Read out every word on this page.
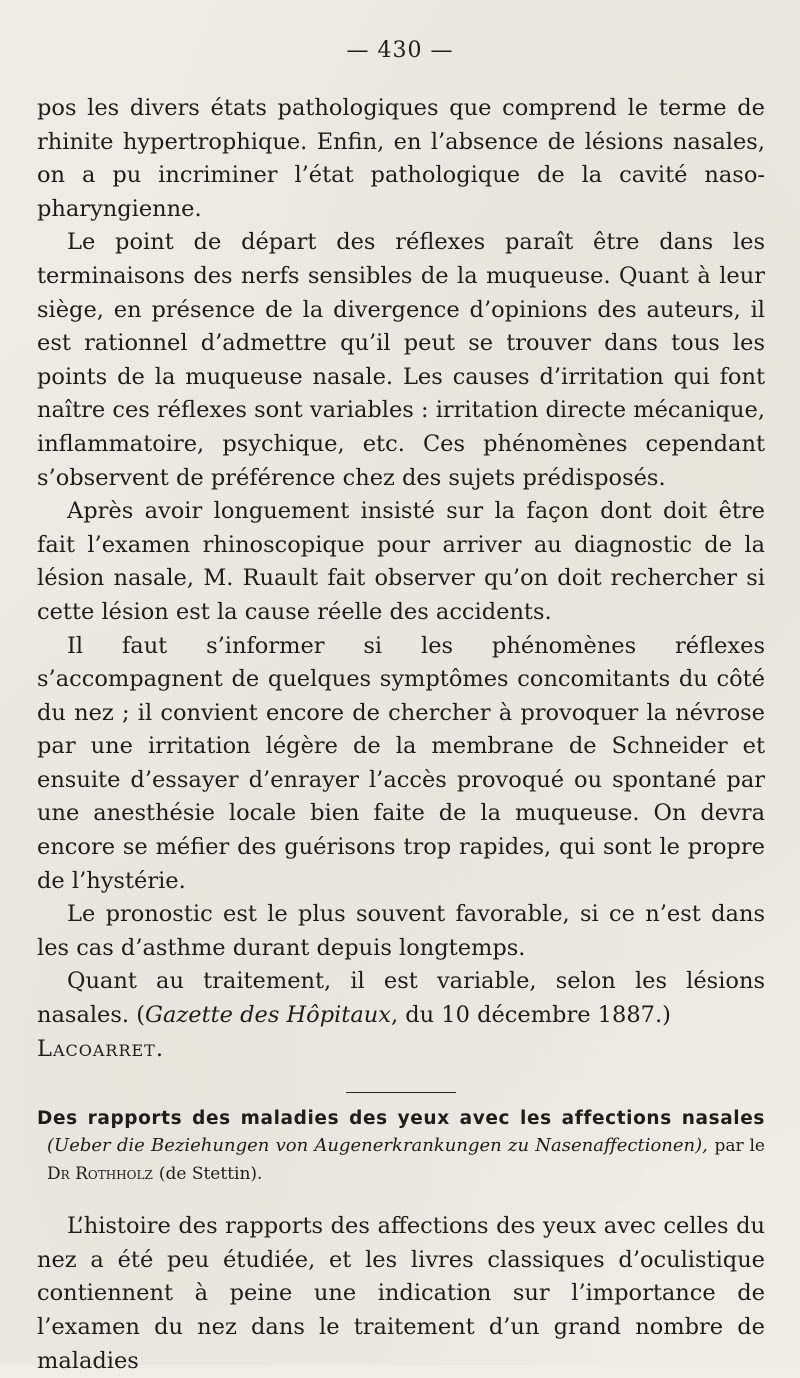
— 430 —

pos les divers états pathologiques que comprend le terme de rhinite hypertrophique. Enfin, en l’absence de lésions nasales, on a pu incriminer l’état pathologique de la cavité naso-pharyngienne.

Le point de départ des réflexes paraît être dans les terminaisons des nerfs sensibles de la muqueuse. Quant à leur siège, en présence de la divergence d’opinions des auteurs, il est rationnel d’admettre qu’il peut se trouver dans tous les points de la muqueuse nasale. Les causes d’irritation qui font naître ces réflexes sont variables : irritation directe mécanique, inflammatoire, psychique, etc. Ces phénomènes cependant s’observent de préférence chez des sujets prédisposés.

Après avoir longuement insisté sur la façon dont doit être fait l’examen rhinoscopique pour arriver au diagnostic de la lésion nasale, M. Ruault fait observer qu’on doit rechercher si cette lésion est la cause réelle des accidents.

Il faut s’informer si les phénomènes réflexes s’accompagnent de quelques symptômes concomitants du côté du nez ; il convient encore de chercher à provoquer la névrose par une irritation légère de la membrane de Schneider et ensuite d’essayer d’enrayer l’accès provoqué ou spontané par une anesthésie locale bien faite de la muqueuse. On devra encore se méfier des guérisons trop rapides, qui sont le propre de l’hystérie.

Le pronostic est le plus souvent favorable, si ce n’est dans les cas d’asthme durant depuis longtemps.

Quant au traitement, il est variable, selon les lésions nasales. (Gazette des Hôpitaux, du 10 décembre 1887.)

Lacoarret.

Des rapports des maladies des yeux avec les affections nasales (Ueber die Beziehungen von Augenerkrankungen zu Nasenaffectionen), par le Dr Rothholz (de Stettin).

L’histoire des rapports des affections des yeux avec celles du nez a été peu étudiée, et les livres classiques d’oculistique contiennent à peine une indication sur l’importance de l’examen du nez dans le traitement d’un grand nombre de maladies
